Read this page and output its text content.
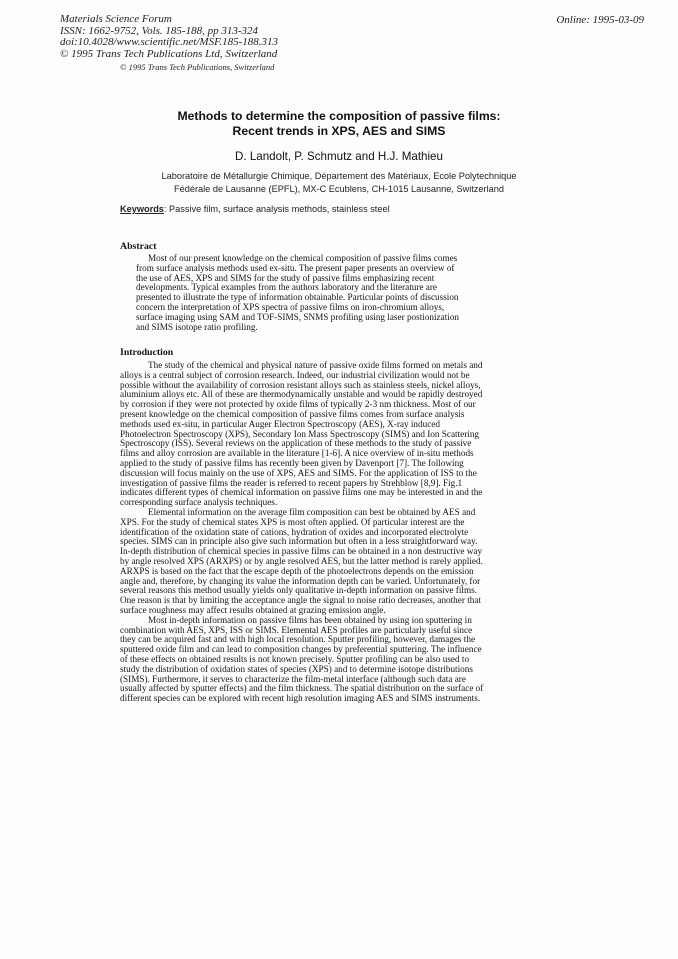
Materials Science Forum
ISSN: 1662-9752, Vols. 185-188, pp 313-324
doi:10.4028/www.scientific.net/MSF.185-188.313
© 1995 Trans Tech Publications Ltd, Switzerland
© 1995 Trans Tech Publications, Switzerland
Online: 1995-03-09
Methods to determine the composition of passive films:
Recent trends in XPS, AES and SIMS
D. Landolt, P. Schmutz and H.J. Mathieu
Laboratoire de Métallurgie Chimique, Département des Matériaux, Ecole Polytechnique
Fédérale de Lausanne (EPFL), MX-C Ecublens, CH-1015 Lausanne, Switzerland
Keywords: Passive film, surface analysis methods, stainless steel
Abstract
Most of our present knowledge on the chemical composition of passive films comes
from surface analysis methods used ex-situ. The present paper presents an overview of
the use of AES, XPS and SIMS for the study of passive films emphasizing recent
developments. Typical examples from the authors laboratory and the literature are
presented to illustrate the type of information obtainable. Particular points of discussion
concern the interpretation of XPS spectra of passive films on iron-chromium alloys,
surface imaging using SAM and TOF-SIMS, SNMS profiling using laser postionization
and SIMS isotope ratio profiling.
Introduction
The study of the chemical and physical nature of passive oxide films formed on metals and
alloys is a central subject of corrosion research. Indeed, our industrial civilization would not be
possible without the availability of corrosion resistant alloys such as stainless steels, nickel alloys,
aluminium alloys etc. All of these are thermodynamically unstable and would be rapidly destroyed
by corrosion if they were not protected by oxide films of typically 2-3 nm thickness. Most of our
present knowledge on the chemical composition of passive films comes from surface analysis
methods used ex-situ, in particular Auger Electron Spectroscopy (AES), X-ray induced
Photoelectron Spectroscopy (XPS), Secondary Ion Mass Spectroscopy (SIMS) and Ion Scattering
Spectroscopy (ISS). Several reviews on the application of these methods to the study of passive
films and alloy corrosion are available in the literature [1-6]. A nice overview of in-situ methods
applied to the study of passive films has recently been given by Davenport [7]. The following
discussion will focus mainly on the use of XPS, AES and SIMS. For the application of ISS to the
investigation of passive films the reader is referred to recent papers by Strehblow [8,9]. Fig.1
indicates different types of chemical information on passive films one may be interested in and the
corresponding surface analysis techniques.
Elemental information on the average film composition can best be obtained by AES and
XPS. For the study of chemical states XPS is most often applied. Of particular interest are the
identification of the oxidation state of cations, hydration of oxides and incorporated electrolyte
species. SIMS can in principle also give such information but often in a less straightforward way.
In-depth distribution of chemical species in passive films can be obtained in a non destructive way
by angle resolved XPS (ARXPS) or by angle resolved AES, but the latter method is rarely applied.
ARXPS is based on the fact that the escape depth of the photoelectrons depends on the emission
angle and, therefore, by changing its value the information depth can be varied. Unfortunately, for
several reasons this method usually yields only qualitative in-depth information on passive films.
One reason is that by limiting the acceptance angle the signal to noise ratio decreases, another that
surface roughness may affect results obtained at grazing emission angle.
Most in-depth information on passive films has been obtained by using ion sputtering in
combination with AES, XPS, ISS or SIMS. Elemental AES profiles are particularly useful since
they can be acquired fast and with high local resolution. Sputter profiling, however, damages the
sputtered oxide film and can lead to composition changes by preferential sputtering. The influence
of these effects on obtained results is not known precisely. Sputter profiling can be also used to
study the distribution of oxidation states of species (XPS) and to determine isotope distributions
(SIMS). Furthermore, it serves to characterize the film-metal interface (although such data are
usually affected by sputter effects) and the film thickness. The spatial distribution on the surface of
different species can be explored with recent high resolution imaging AES and SIMS instruments.
